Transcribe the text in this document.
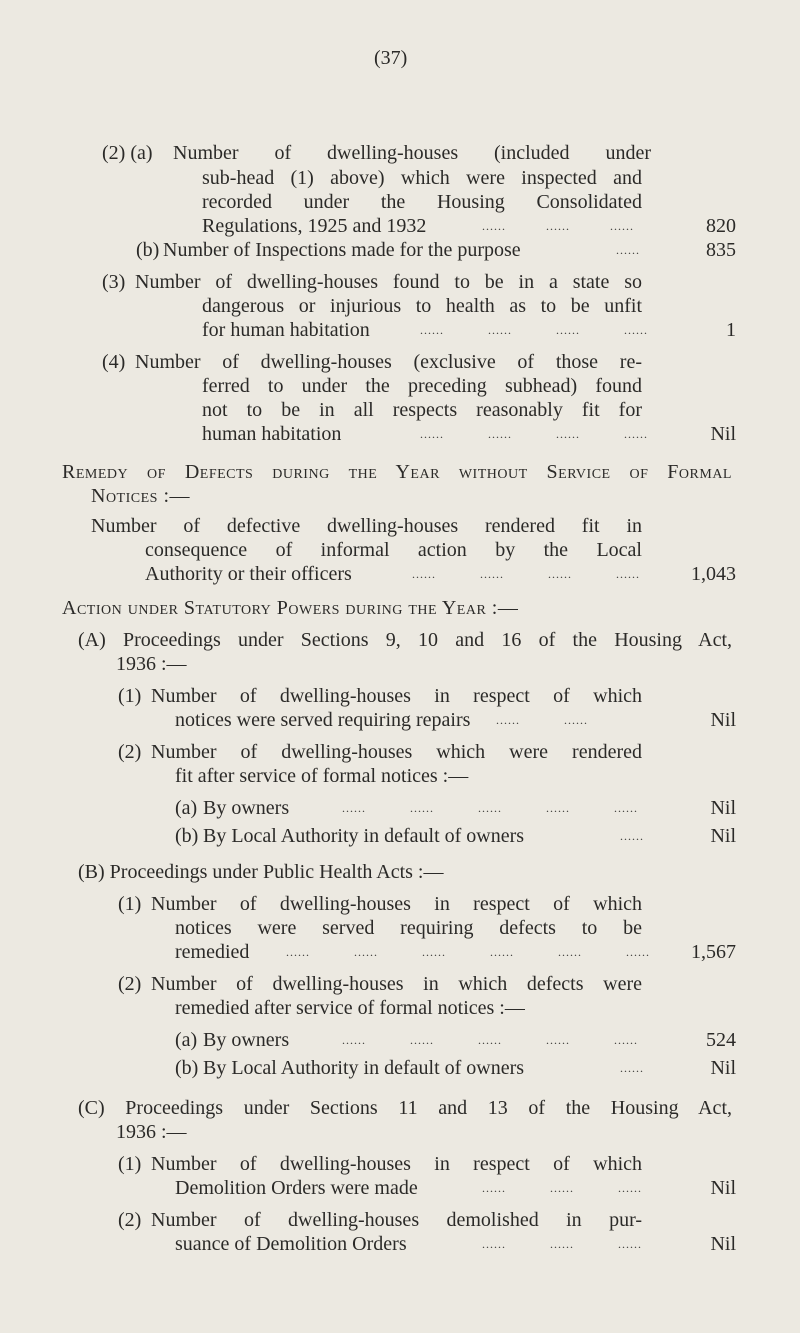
(37)
(2) (a) Number of dwelling-houses (included under
sub-head (1) above) which were inspected and
recorded under the Housing Consolidated
Regulations, 1925 and 1932	......	......	......	820
(b) Number of Inspections made for the purpose	......	835
(3) Number of dwelling-houses found to be in a state so
dangerous or injurious to health as to be unfit
for human habitation	......	......	......	......	1
(4) Number of dwelling-houses (exclusive of those re-
ferred to under the preceding subhead) found
not to be in all respects reasonably fit for
human habitation	......	......	......	......	Nil
Remedy of Defects during the Year without Service of Formal
Notices :—
Number of defective dwelling-houses rendered fit in
consequence of informal action by the Local
Authority or their officers	......	......	......	......	1,043
Action under Statutory Powers during the Year :—
(A) Proceedings under Sections 9, 10 and 16 of the Housing Act,
1936 :—
(1) Number of dwelling-houses in respect of which
notices were served requiring repairs ......	......	Nil
(2) Number of dwelling-houses which were rendered
fit after service of formal notices :—
(a) By owners	......	......	......	......	......	Nil
(b) By Local Authority in default of owners	......	Nil
(B) Proceedings under Public Health Acts :—
(1) Number of dwelling-houses in respect of which
notices were served requiring defects to be
remedied	......	......	......	......	......	......	1,567
(2) Number of dwelling-houses in which defects were
remedied after service of formal notices :—
(a) By owners	......	......	......	......	......	524
(b) By Local Authority in default of owners	......	Nil
(C) Proceedings under Sections 11 and 13 of the Housing Act,
1936 :—
(1) Number of dwelling-houses in respect of which
Demolition Orders were made	......	......	......	Nil
(2) Number of dwelling-houses demolished in pur-
suance of Demolition Orders	......	......	......	Nil
